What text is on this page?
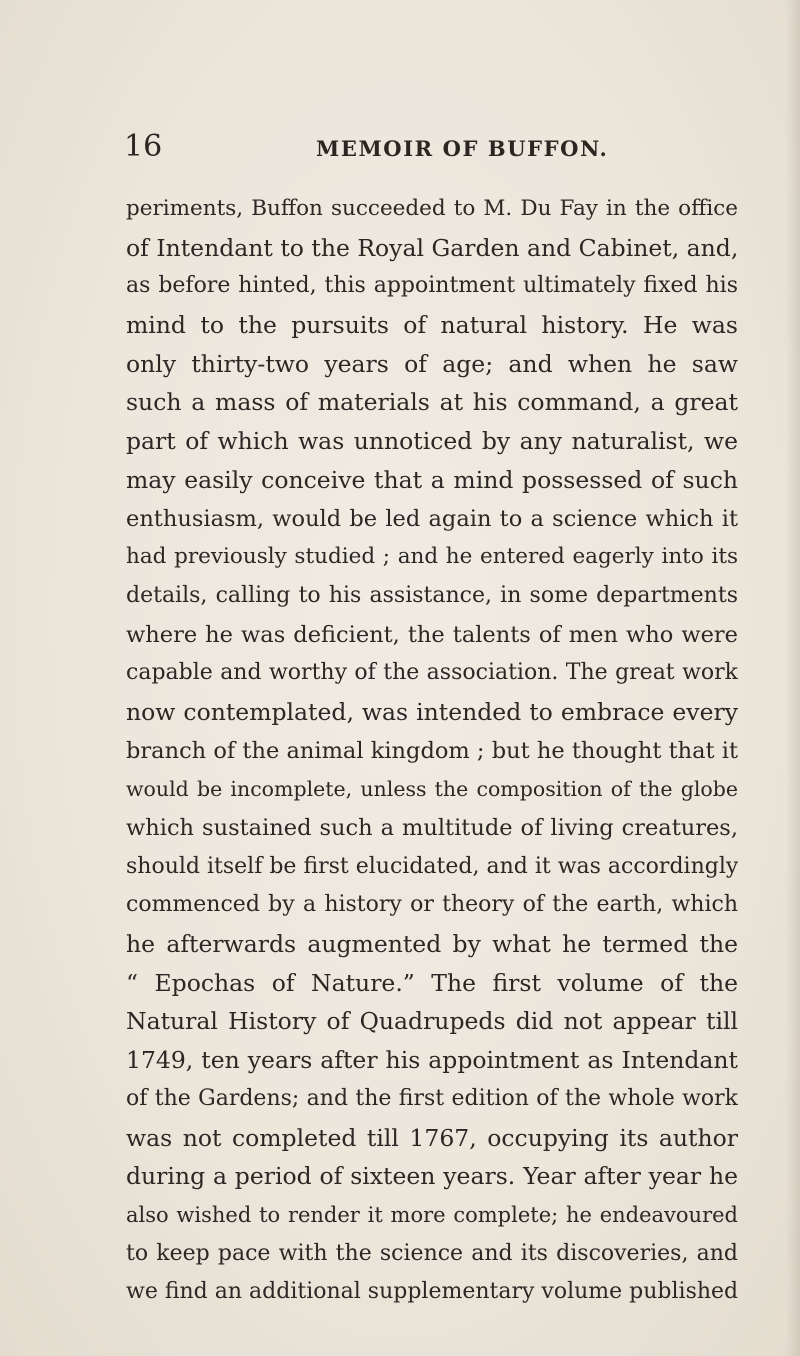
16	MEMOIR OF BUFFON.
periments, Buffon succeeded to M. Du Fay in the office
of Intendant to the Royal Garden and Cabinet, and,
as before hinted, this appointment ultimately fixed his
mind to the pursuits of natural history. He was
only thirty-two years of age; and when he saw
such a mass of materials at his command, a great
part of which was unnoticed by any naturalist, we
may easily conceive that a mind possessed of such
enthusiasm, would be led again to a science which it
had previously studied ; and he entered eagerly into its
details, calling to his assistance, in some departments
where he was deficient, the talents of men who were
capable and worthy of the association. The great work
now contemplated, was intended to embrace every
branch of the animal kingdom ; but he thought that it
would be incomplete, unless the composition of the globe
which sustained such a multitude of living creatures,
should itself be first elucidated, and it was accordingly
commenced by a history or theory of the earth, which
he afterwards augmented by what he termed the
“ Epochas of Nature.” The first volume of the
Natural History of Quadrupeds did not appear till
1749, ten years after his appointment as Intendant
of the Gardens; and the first edition of the whole work
was not completed till 1767, occupying its author
during a period of sixteen years. Year after year he
also wished to render it more complete; he endeavoured
to keep pace with the science and its discoveries, and
we find an additional supplementary volume published
